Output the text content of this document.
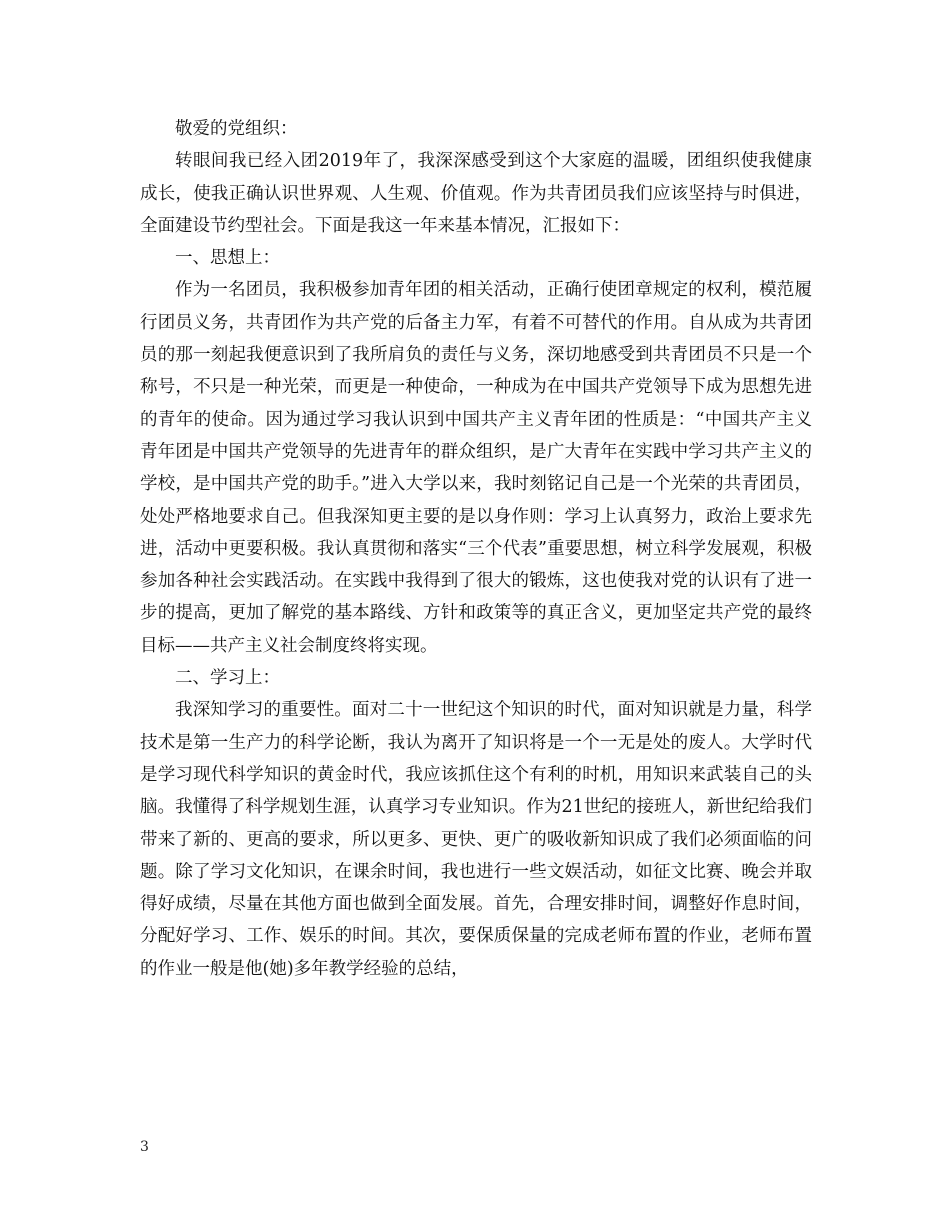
敬爱的党组织：

转眼间我已经入团2019年了，我深深感受到这个大家庭的温暖，团组织使我健康成长，使我正确认识世界观、人生观、价值观。作为共青团员我们应该坚持与时俱进，全面建设节约型社会。下面是我这一年来基本情况，汇报如下：

一、思想上：

作为一名团员，我积极参加青年团的相关活动，正确行使团章规定的权利，模范履行团员义务，共青团作为共产党的后备主力军，有着不可替代的作用。自从成为共青团员的那一刻起我便意识到了我所肩负的责任与义务，深切地感受到共青团员不只是一个称号，不只是一种光荣，而更是一种使命，一种成为在中国共产党领导下成为思想先进的青年的使命。因为通过学习我认识到中国共产主义青年团的性质是：“中国共产主义青年团是中国共产党领导的先进青年的群众组织，是广大青年在实践中学习共产主义的学校，是中国共产党的助手。”进入大学以来，我时刻铭记自己是一个光荣的共青团员，处处严格地要求自己。但我深知更主要的是以身作则：学习上认真努力，政治上要求先进，活动中更要积极。我认真贯彻和落实“三个代表”重要思想，树立科学发展观，积极参加各种社会实践活动。在实践中我得到了很大的锻炼，这也使我对党的认识有了进一步的提高，更加了解党的基本路线、方针和政策等的真正含义，更加坚定共产党的最终目标——共产主义社会制度终将实现。

二、学习上：

我深知学习的重要性。面对二十一世纪这个知识的时代，面对知识就是力量，科学技术是第一生产力的科学论断，我认为离开了知识将是一个一无是处的废人。大学时代是学习现代科学知识的黄金时代，我应该抓住这个有利的时机，用知识来武装自己的头脑。我懂得了科学规划生涯，认真学习专业知识。作为21世纪的接班人，新世纪给我们带来了新的、更高的要求，所以更多、更快、更广的吸收新知识成了我们必须面临的问题。除了学习文化知识，在课余时间，我也进行一些文娱活动，如征文比赛、晚会并取得好成绩，尽量在其他方面也做到全面发展。首先，合理安排时间，调整好作息时间，分配好学习、工作、娱乐的时间。其次，要保质保量的完成老师布置的作业，老师布置的作业一般是他(她)多年教学经验的总结，

3
